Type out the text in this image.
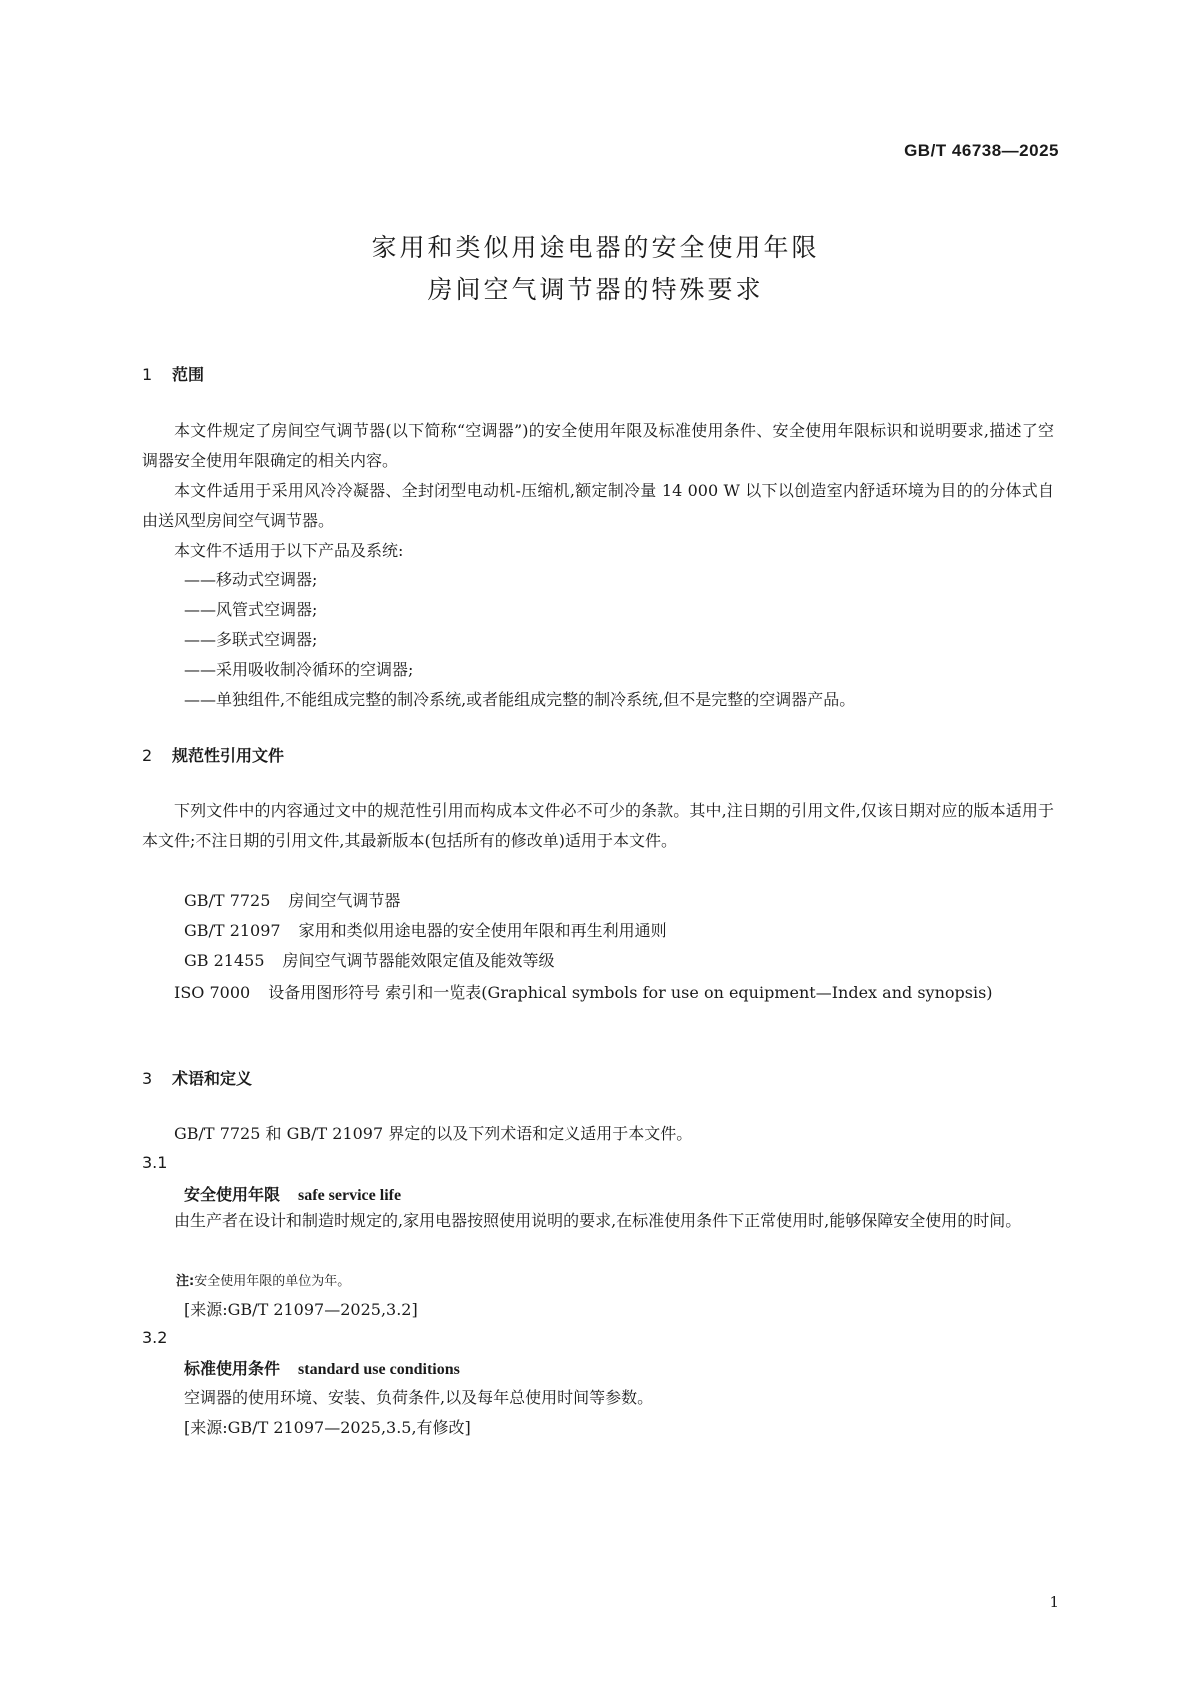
GB/T 46738—2025
家用和类似用途电器的安全使用年限
房间空气调节器的特殊要求
1 范围

本文件规定了房间空气调节器(以下简称“空调器”)的安全使用年限及标准使用条件、安全使用年限标识和说明要求,描述了空调器安全使用年限确定的相关内容。

本文件适用于采用风冷冷凝器、全封闭型电动机-压缩机,额定制冷量 14 000 W 以下以创造室内舒适环境为目的的分体式自由送风型房间空气调节器。

本文件不适用于以下产品及系统:

——移动式空调器;
——风管式空调器;
——多联式空调器;
——采用吸收制冷循环的空调器;
——单独组件,不能组成完整的制冷系统,或者能组成完整的制冷系统,但不是完整的空调器产品。
2 规范性引用文件

下列文件中的内容通过文中的规范性引用而构成本文件必不可少的条款。其中,注日期的引用文件,仅该日期对应的版本适用于本文件;不注日期的引用文件,其最新版本(包括所有的修改单)适用于本文件。

GB/T 7725 房间空气调节器
GB/T 21097 家用和类似用途电器的安全使用年限和再生利用通则
GB 21455 房间空气调节器能效限定值及能效等级
ISO 7000 设备用图形符号 索引和一览表(Graphical symbols for use on equipment—Index and synopsis)
3 术语和定义

GB/T 7725 和 GB/T 21097 界定的以及下列术语和定义适用于本文件。

3.1
安全使用年限 safe service life

由生产者在设计和制造时规定的,家用电器按照使用说明的要求,在标准使用条件下正常使用时,能够保障安全使用的时间。

注:安全使用年限的单位为年。
[来源:GB/T 21097—2025,3.2]
3.2
标准使用条件 standard use conditions
空调器的使用环境、安装、负荷条件,以及每年总使用时间等参数。
[来源:GB/T 21097—2025,3.5,有修改]
1
